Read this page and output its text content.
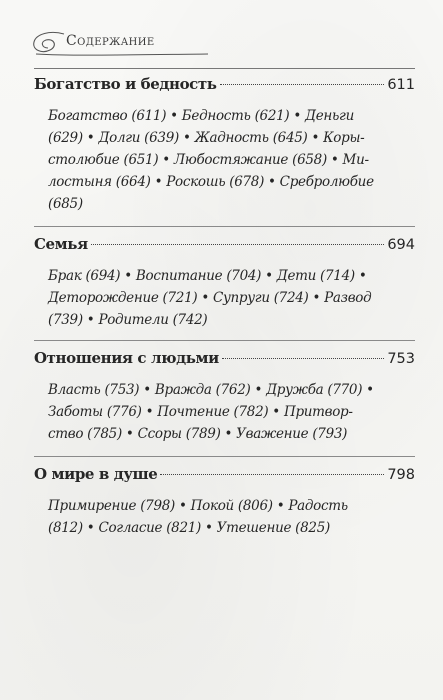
Содержание
Богатство и бедность	611
Богатство (611) • Бедность (621) • Деньги
(629) • Долги (639) • Жадность (645) • Коры-
столюбие (651) • Любостяжание (658) • Ми-
лостыня (664) • Роскошь (678) • Сребролюбие
(685)
Семья	694
Брак (694) • Воспитание (704) • Дети (714) •
Деторождение (721) • Супруги (724) • Развод
(739) • Родители (742)
Отношения с людьми	753
Власть (753) • Вражда (762) • Дружба (770) •
Заботы (776) • Почтение (782) • Притвор-
ство (785) • Ссоры (789) • Уважение (793)
О мире в душе	798
Примирение (798) • Покой (806) • Радость
(812) • Согласие (821) • Утешение (825)
